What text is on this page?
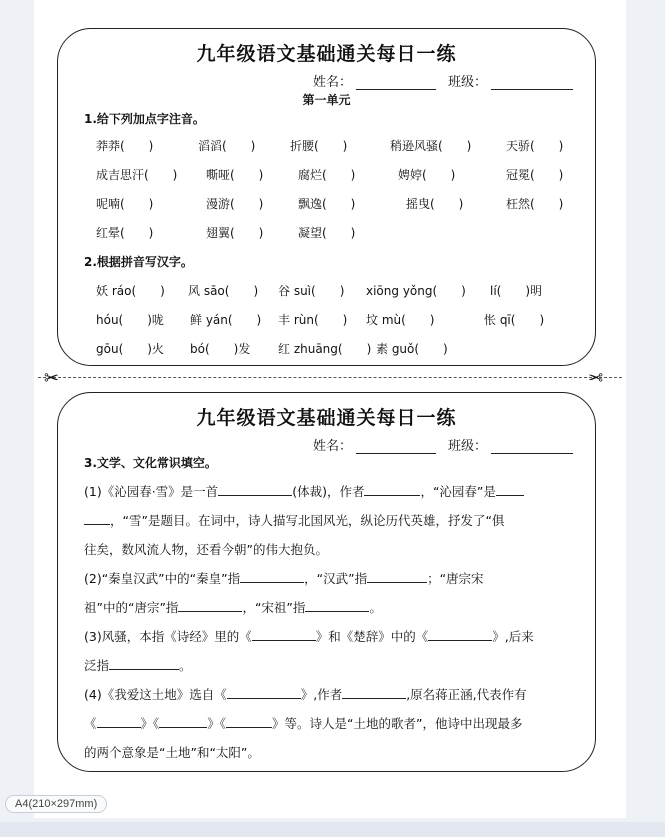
九年级语文基础通关每日一练
姓名：	班级：
第一单元
1.给下列加点字注音。
莽莽(　　)	滔滔(　　)	折腰(　　)	稍逊风骚(　　)	天骄(　　)
成吉思汗(　　) 嘶哑(　　)	腐烂(　　)	娉婷(　　)	冠冕(　　)
呢喃(　　)	漫游(　　)	飘逸(　　)	摇曳(　　)	枉然(　　)
红晕(　　)	翅翼(　　)	凝望(　　)
2.根据拼音写汉字。
妖 ráo(　　) 风 sāo(　　) 谷 suì(　　) xiōng yǒng(　　) lí(　　)明
hóu(　　)咙 鲜 yán(　　) 丰 rùn(　　) 坟 mù(　　)	怅 qī(　　)
gōu(　　)火 bó(　　)发 红 zhuāng(　　) 素 guǒ(　　)
✂	✂
九年级语文基础通关每日一练
姓名：	班级：
3.文学、文化常识填空。
(1)《沁园春·雪》是一首	(体裁)，作者	，“沁园春”是
，“雪”是题目。在词中，诗人描写北国风光，纵论历代英雄，抒发了“俱
往矣，数风流人物，还看今朝”的伟大抱负。
(2)“秦皇汉武”中的“秦皇”指	，“汉武”指	；“唐宗宋
祖”中的“唐宗”指	，“宋祖”指	。
(3)风骚，本指《诗经》里的《	》和《楚辞》中的《	》,后来
泛指	。
(4)《我爱这土地》选自《	》,作者	,原名蒋正涵,代表作有
《	》《	》《	》等。诗人是“土地的歌者”，他诗中出现最多
的两个意象是“土地”和“太阳”。
A4(210×297mm)
